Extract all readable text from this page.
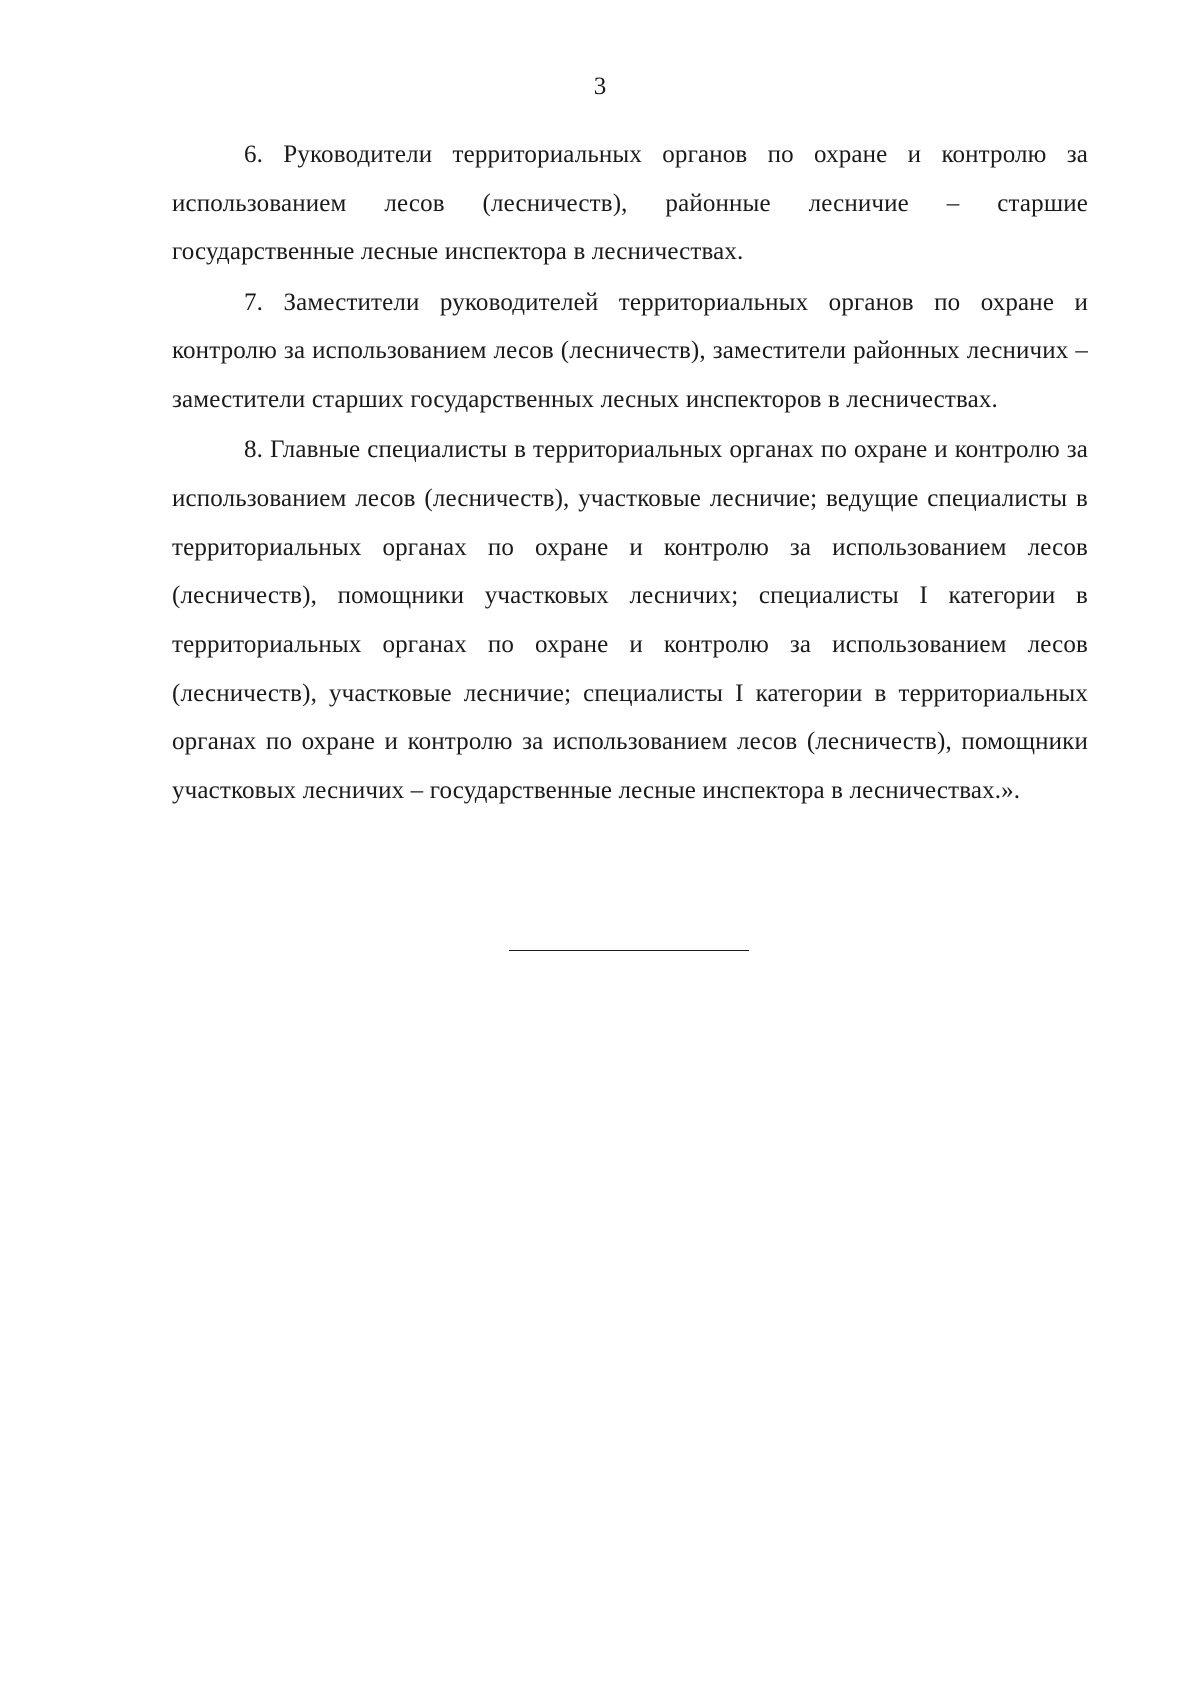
3

6. Руководители территориальных органов по охране и контролю за использованием лесов (лесничеств), районные лесничие – старшие государственные лесные инспектора в лесничествах.

7. Заместители руководителей территориальных органов по охране и контролю за использованием лесов (лесничеств), заместители районных лесничих – заместители старших государственных лесных инспекторов в лесничествах.

8. Главные специалисты в территориальных органах по охране и контролю за использованием лесов (лесничеств), участковые лесничие; ведущие специалисты в территориальных органах по охране и контролю за использованием лесов (лесничеств), помощники участковых лесничих; специалисты I категории в территориальных органах по охране и контролю за использованием лесов (лесничеств), участковые лесничие; специалисты I категории в территориальных органах по охране и контролю за использованием лесов (лесничеств), помощники участковых лесничих – государственные лесные инспектора в лесничествах.».
